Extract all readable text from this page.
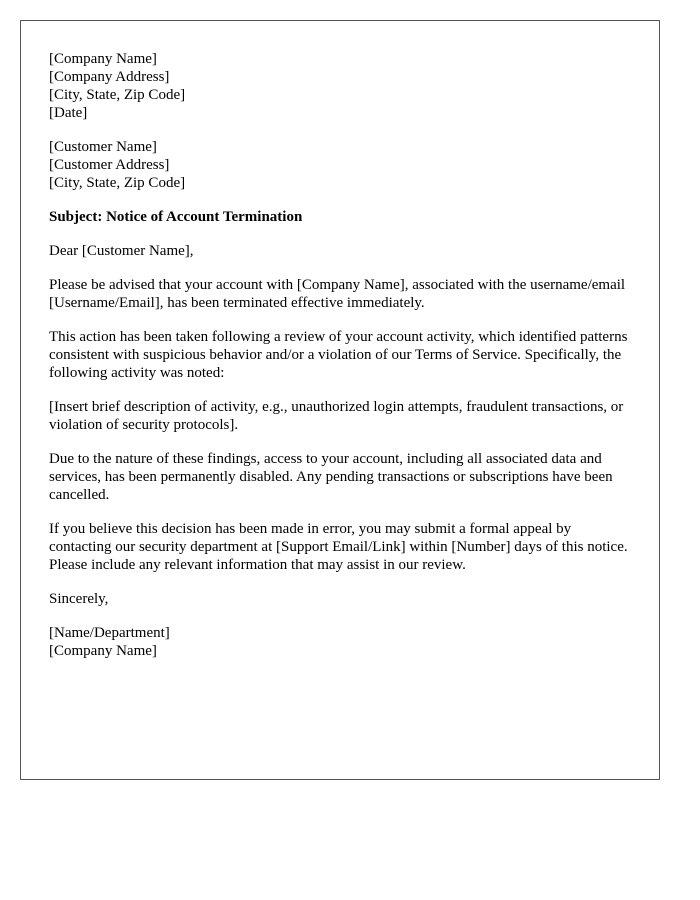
[Company Name]
[Company Address]
[City, State, Zip Code]
[Date]
[Customer Name]
[Customer Address]
[City, State, Zip Code]
Subject: Notice of Account Termination

Dear [Customer Name],

Please be advised that your account with [Company Name], associated with the username/email [Username/Email], has been terminated effective immediately.

This action has been taken following a review of your account activity, which identified patterns consistent with suspicious behavior and/or a violation of our Terms of Service. Specifically, the following activity was noted:

[Insert brief description of activity, e.g., unauthorized login attempts, fraudulent transactions, or violation of security protocols].

Due to the nature of these findings, access to your account, including all associated data and services, has been permanently disabled. Any pending transactions or subscriptions have been cancelled.

If you believe this decision has been made in error, you may submit a formal appeal by contacting our security department at [Support Email/Link] within [Number] days of this notice. Please include any relevant information that may assist in our review.

Sincerely,

[Name/Department]
[Company Name]
